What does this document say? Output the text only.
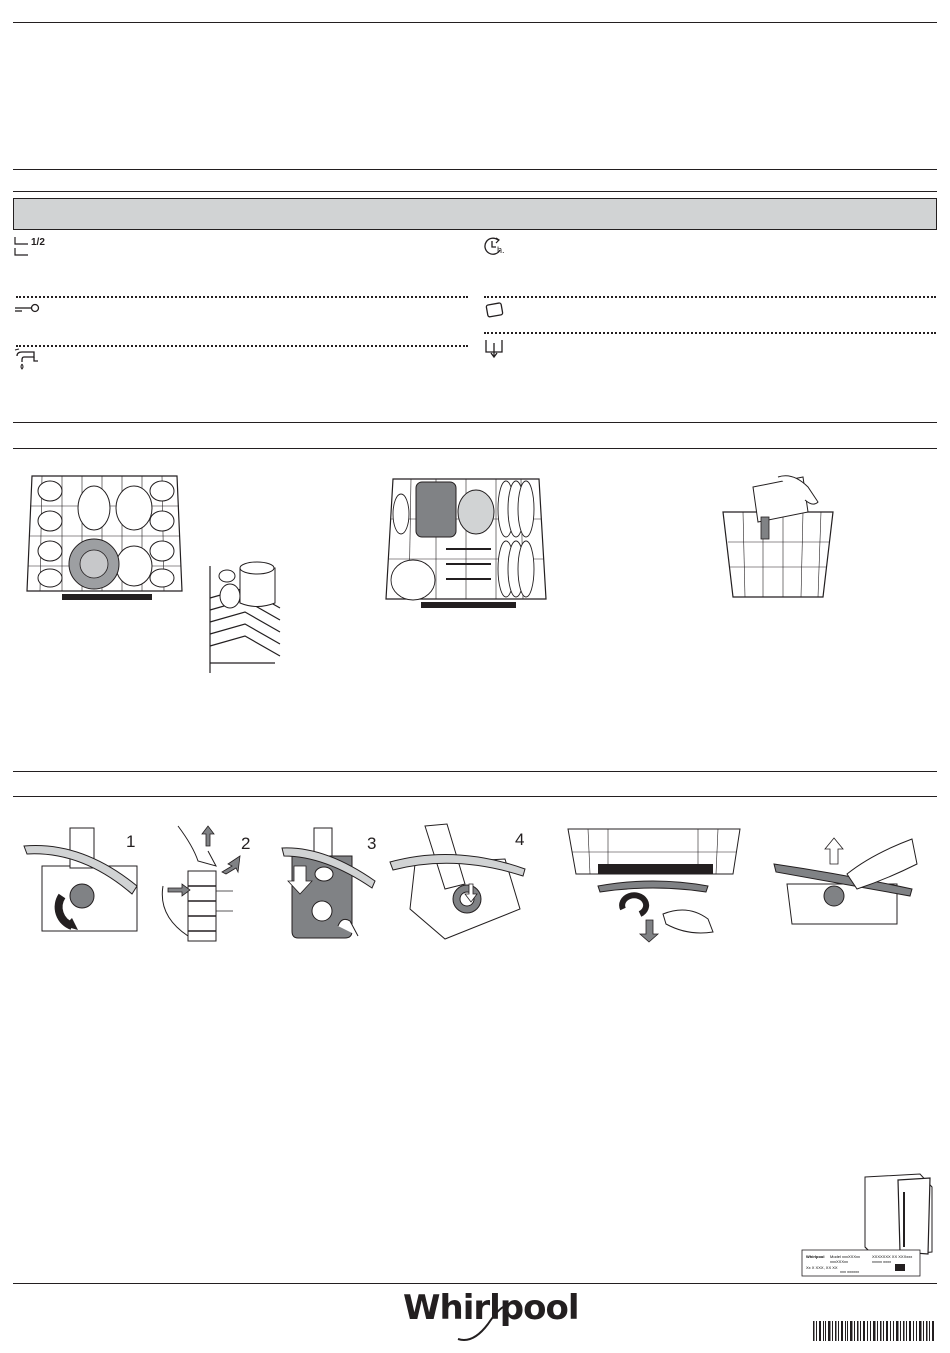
1/2
h.
1	2	3	4
Whirlpool Model xxxXXXxx	XXXXXXX XX XXXxxx
xxxXXXxx	xxxxx xxxx
Xx X XXX, XX XX
xxx xxxxxx
Whirlpool
